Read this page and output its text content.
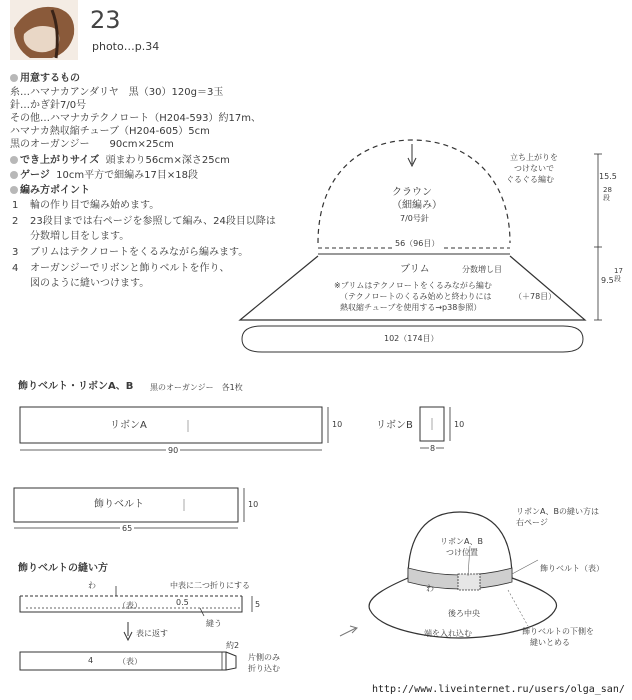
23
photo…p.34
用意するもの
糸…ハマナカアンダリヤ　黒（30）120g＝3玉
針…かぎ針7/0号
その他…ハマナカテクノロート（H204-593）約17m、
ハマナカ熱収縮チューブ（H204-605）5cm
黒のオーガンジー　　90cm×25cm
でき上がりサイズ 頭まわり56cm×深さ25cm
ゲージ 10cm平方で細編み17目×18段
編み方ポイント
1 輪の作り目で編み始めます。
2 23段目までは右ページを参照して編み、24段目以降は
分数増し目をします。
3 ブリムはテクノロートをくるみながら編みます。
4 オーガンジーでリボンと飾りベルトを作り、
図のように縫いつけます。
クラウン
（細編み）
7/0号針
56（96目）
ブリム	分数増し目
※ブリムはテクノロートをくるみながら編む
（テクノロートのくるみ始めと終わりには
熱収縮チューブを使用する→p38参照）
（＋78目）
102（174目）
立ち上がりを
つけないで
ぐるぐる編む	15.5
28段
9.5
17段
飾りベルト・リボンA、B 黒のオーガンジー　各1枚
リボンA	10
90
リボンB	10
8
飾りベルト	10
65
飾りベルトの縫い方
わ	中表に二つ折りにする
（表）	0.5
縫う
5
表に返す
約2
片側のみ
折り込む
4	（表）
リボンA、Bの縫い方は
右ページ
リボンA、B
つけ位置
飾りベルト（表）
わ
後ろ中央
端を入れ込む	飾りベルトの下側を
縫いとめる
http://www.liveinternet.ru/users/olga_san/
